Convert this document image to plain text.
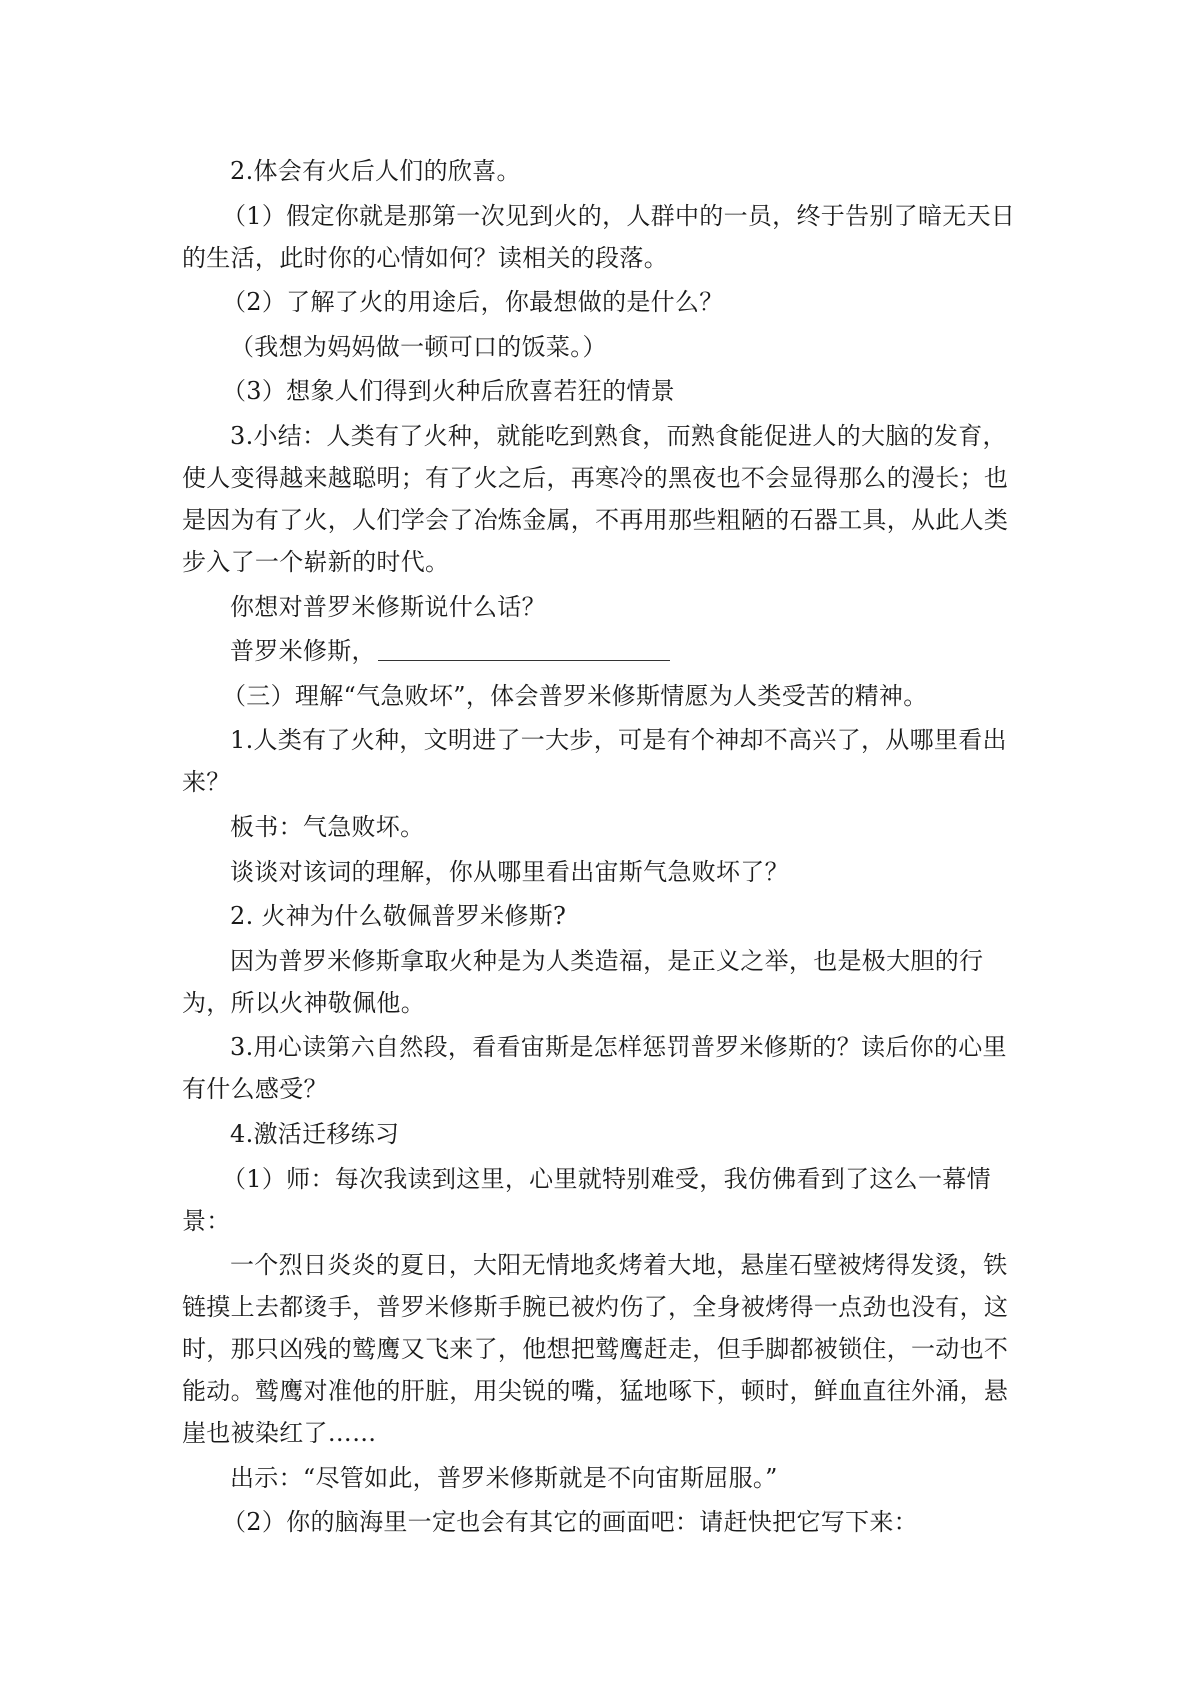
2.体会有火后人们的欣喜。

（1）假定你就是那第一次见到火的，人群中的一员，终于告别了暗无天日的生活，此时你的心情如何？读相关的段落。

（2）了解了火的用途后，你最想做的是什么？

（我想为妈妈做一顿可口的饭菜。）

（3）想象人们得到火种后欣喜若狂的情景

3.小结：人类有了火种，就能吃到熟食，而熟食能促进人的大脑的发育，使人变得越来越聪明；有了火之后，再寒冷的黑夜也不会显得那么的漫长；也是因为有了火，人们学会了冶炼金属，不再用那些粗陋的石器工具，从此人类步入了一个崭新的时代。

你想对普罗米修斯说什么话？

普罗米修斯，

（三）理解“气急败坏”，体会普罗米修斯情愿为人类受苦的精神。

1.人类有了火种，文明进了一大步，可是有个神却不高兴了，从哪里看出来？

板书：气急败坏。

谈谈对该词的理解，你从哪里看出宙斯气急败坏了？

2. 火神为什么敬佩普罗米修斯?

因为普罗米修斯拿取火种是为人类造福，是正义之举，也是极大胆的行为，所以火神敬佩他。

3.用心读第六自然段，看看宙斯是怎样惩罚普罗米修斯的？读后你的心里有什么感受？

4.激活迁移练习

（1）师：每次我读到这里，心里就特别难受，我仿佛看到了这么一幕情景：

一个烈日炎炎的夏日，大阳无情地炙烤着大地，悬崖石壁被烤得发烫，铁链摸上去都烫手，普罗米修斯手腕已被灼伤了，全身被烤得一点劲也没有，这时，那只凶残的鹫鹰又飞来了，他想把鹫鹰赶走，但手脚都被锁住，一动也不能动。鹫鹰对准他的肝脏，用尖锐的嘴，猛地啄下，顿时，鲜血直往外涌，悬崖也被染红了……

出示：“尽管如此，普罗米修斯就是不向宙斯屈服。”

（2）你的脑海里一定也会有其它的画面吧：请赶快把它写下来：
